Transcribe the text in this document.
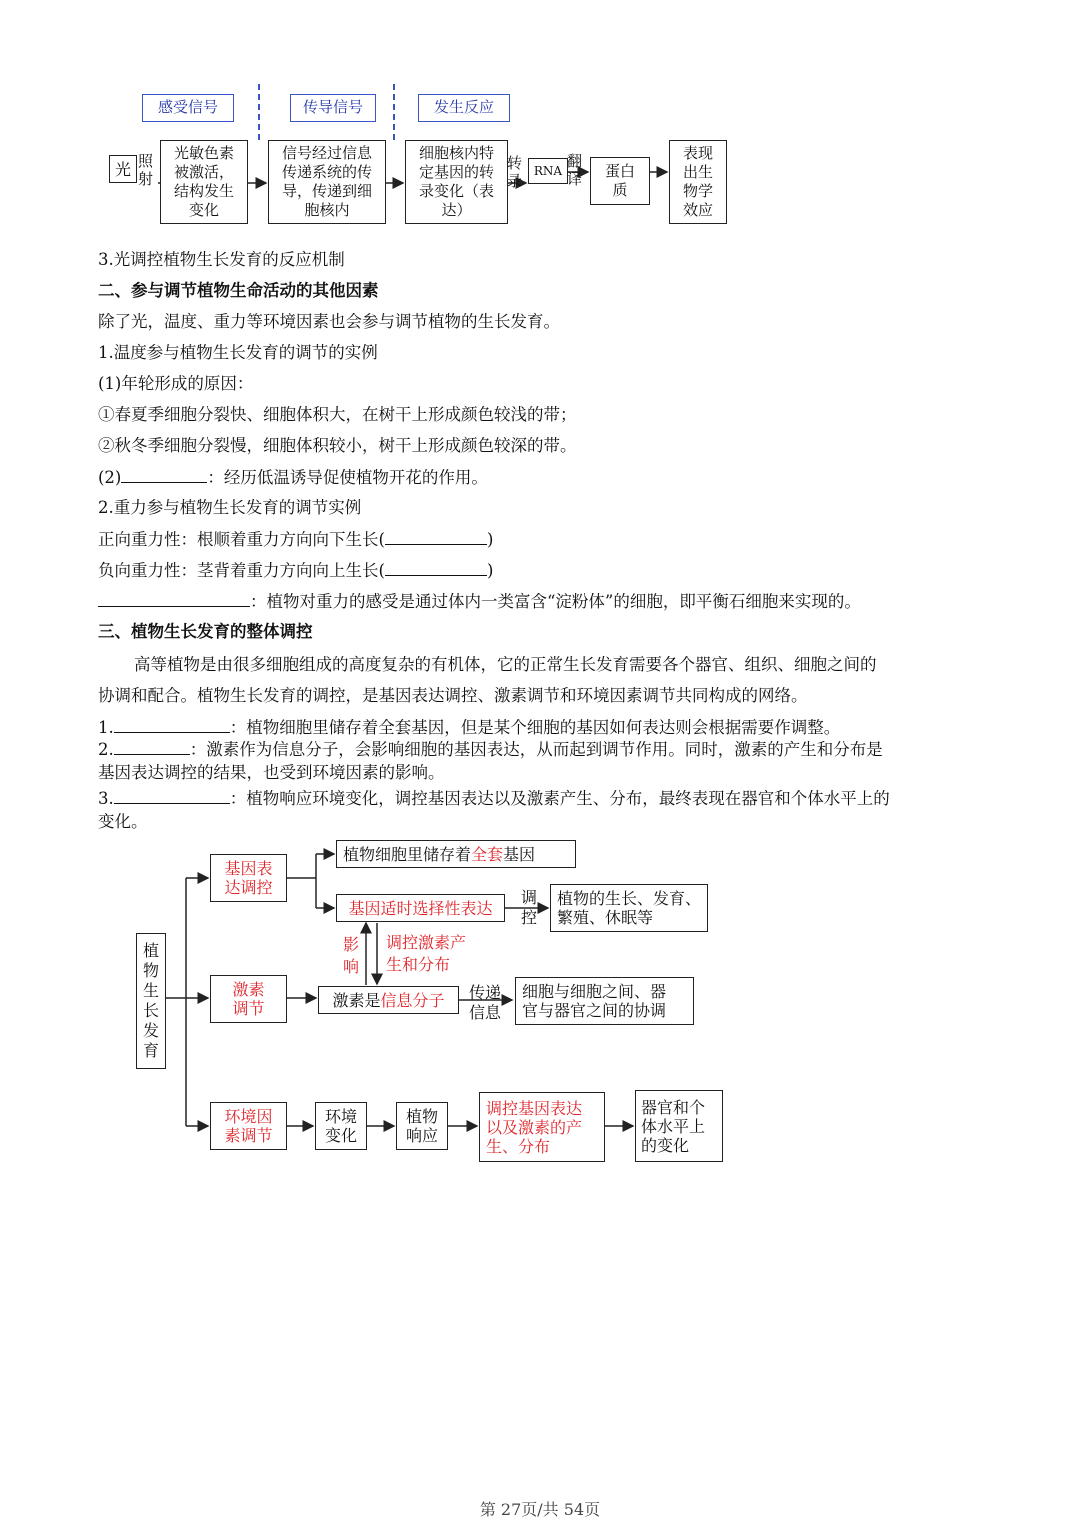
感受信号	传导信号	发生反应
光 照
射
光敏色素
被激活，
结构发生
变化
信号经过信息
传递系统的传
导，传递到细
胞核内
细胞核内特
定基因的转
录变化（表
达）
转
录
RNA
翻
译 蛋白
质
表现
出生
物学
效应
3.光调控植物生长发育的反应机制
二、参与调节植物生命活动的其他因素
除了光，温度、重力等环境因素也会参与调节植物的生长发育。
1.温度参与植物生长发育的调节的实例
(1)年轮形成的原因：
①春夏季细胞分裂快、细胞体积大，在树干上形成颜色较浅的带；
②秋冬季细胞分裂慢，细胞体积较小，树干上形成颜色较深的带。
(2)	：经历低温诱导促使植物开花的作用。
2.重力参与植物生长发育的调节实例
正向重力性：根顺着重力方向向下生长(	)
负向重力性：茎背着重力方向向上生长(	)
：植物对重力的感受是通过体内一类富含“淀粉体”的细胞，即平衡石细胞来实现的。
三、植物生长发育的整体调控
高等植物是由很多细胞组成的高度复杂的有机体，它的正常生长发育需要各个器官、组织、细胞之间的
协调和配合。植物生长发育的调控，是基因表达调控、激素调节和环境因素调节共同构成的网络。
1.	：植物细胞里储存着全套基因，但是某个细胞的基因如何表达则会根据需要作调整。
2.	：激素作为信息分子，会影响细胞的基因表达，从而起到调节作用。同时，激素的产生和分布是
基因表达调控的结果，也受到环境因素的影响。
3.	：植物响应环境变化，调控基因表达以及激素产生、分布，最终表现在器官和个体水平上的
变化。
植
物
生
长
发
育
基因表
达调控
激素
调节
环境因
素调节
植物细胞里储存着 全套 基因
基因适时选择性表达
调
控
植物的生长、发育、
繁殖、休眠等
影
响
调控激素产
生和分布
激素是 信息分子 传递
信息
细胞与细胞之间、器
官与器官之间的协调
环境
变化
植物
响应
调控基因表达
以及激素的产
生、分布
器官和个
体水平上
的变化
第 27页/共 54页
